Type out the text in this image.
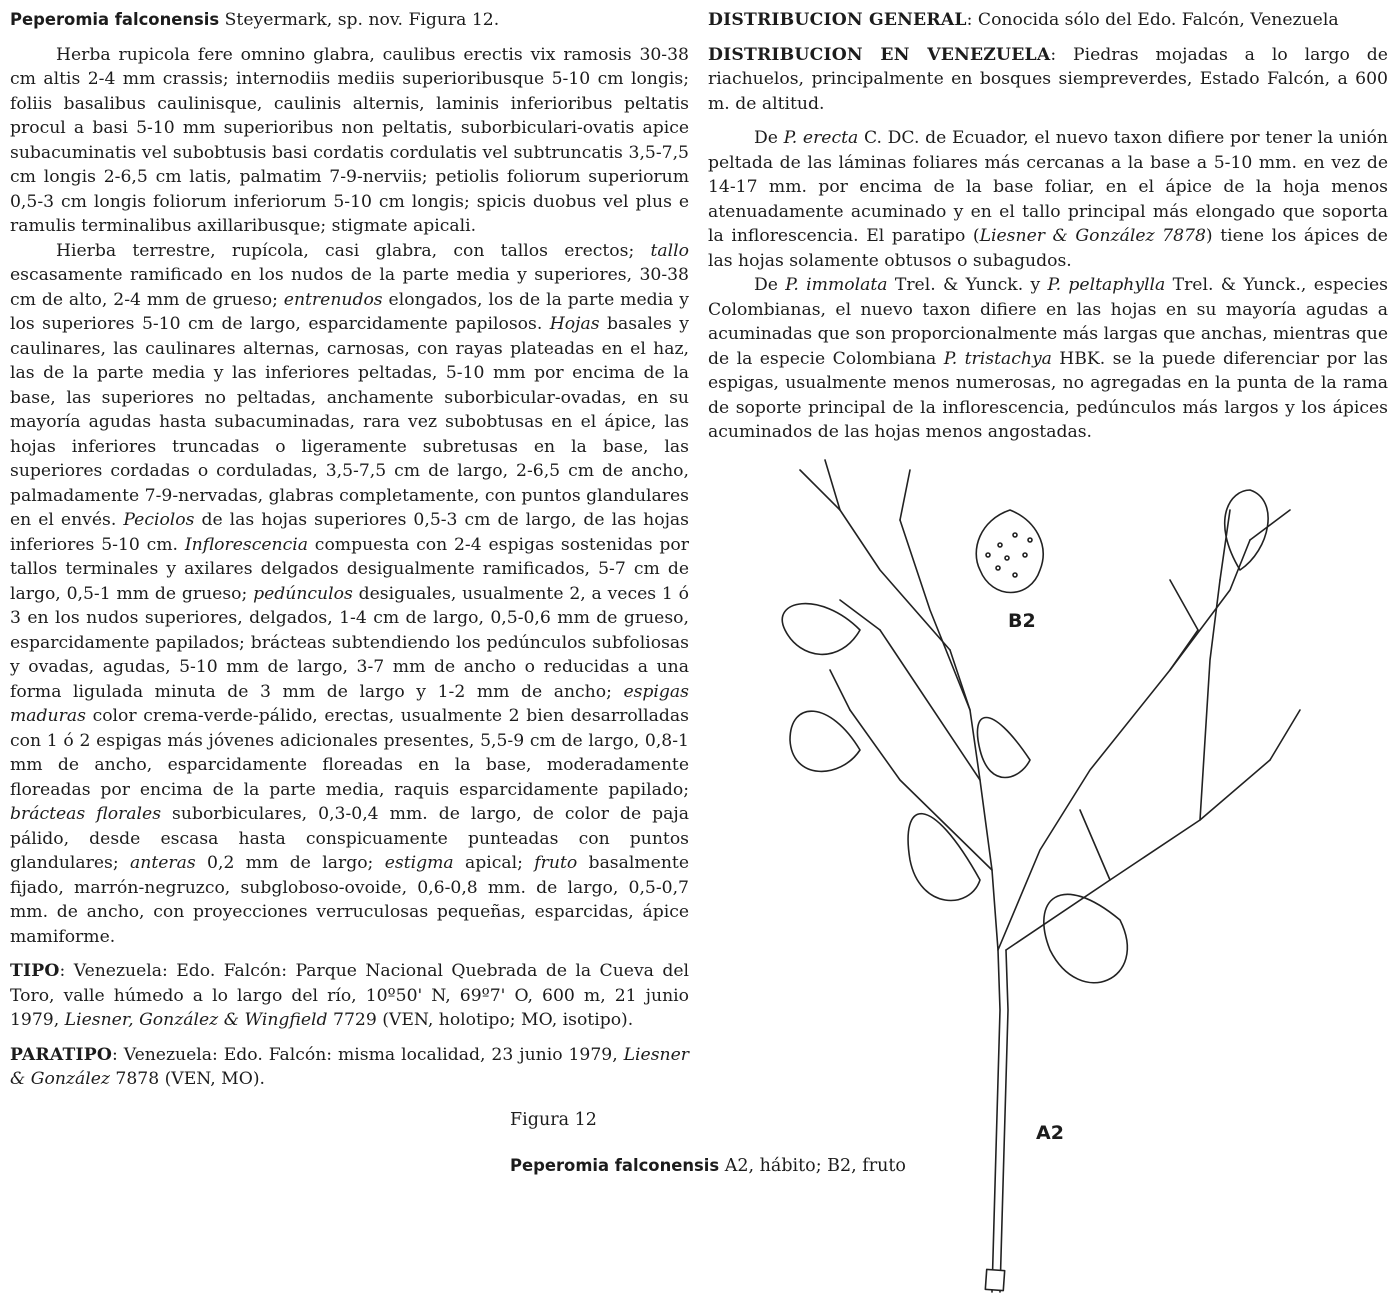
Peperomia falconensis Steyermark, sp. nov. Figura 12.

Herba rupicola fere omnino glabra, caulibus erectis vix ramosis 30-38 cm altis 2-4 mm crassis; internodiis mediis superioribusque 5-10 cm longis; foliis basalibus caulinisque, caulinis alternis, laminis inferioribus peltatis procul a basi 5-10 mm superioribus non peltatis, suborbiculari-ovatis apice subacuminatis vel subobtusis basi cordatis cordulatis vel subtruncatis 3,5-7,5 cm longis 2-6,5 cm latis, palmatim 7-9-nerviis; petiolis foliorum superiorum 0,5-3 cm longis foliorum inferiorum 5-10 cm longis; spicis duobus vel plus e ramulis terminalibus axillaribusque; stigmate apicali.

Hierba terrestre, rupícola, casi glabra, con tallos erectos; tallo escasamente ramificado en los nudos de la parte media y superiores, 30-38 cm de alto, 2-4 mm de grueso; entrenudos elongados, los de la parte media y los superiores 5-10 cm de largo, esparcidamente papilosos. Hojas basales y caulinares, las caulinares alternas, carnosas, con rayas plateadas en el haz, las de la parte media y las inferiores peltadas, 5-10 mm por encima de la base, las superiores no peltadas, anchamente suborbicular-ovadas, en su mayoría agudas hasta subacuminadas, rara vez subobtusas en el ápice, las hojas inferiores truncadas o ligeramente subretusas en la base, las superiores cordadas o corduladas, 3,5-7,5 cm de largo, 2-6,5 cm de ancho, palmadamente 7-9-nervadas, glabras completamente, con puntos glandulares en el envés. Peciolos de las hojas superiores 0,5-3 cm de largo, de las hojas inferiores 5-10 cm. Inflorescencia compuesta con 2-4 espigas sostenidas por tallos terminales y axilares delgados desigualmente ramificados, 5-7 cm de largo, 0,5-1 mm de grueso; pedúnculos desiguales, usualmente 2, a veces 1 ó 3 en los nudos superiores, delgados, 1-4 cm de largo, 0,5-0,6 mm de grueso, esparcidamente papilados; brácteas subtendiendo los pedúnculos subfoliosas y ovadas, agudas, 5-10 mm de largo, 3-7 mm de ancho o reducidas a una forma ligulada minuta de 3 mm de largo y 1-2 mm de ancho; espigas maduras color crema-verde-pálido, erectas, usualmente 2 bien desarrolladas con 1 ó 2 espigas más jóvenes adicionales presentes, 5,5-9 cm de largo, 0,8-1 mm de ancho, esparcidamente floreadas en la base, moderadamente floreadas por encima de la parte media, raquis esparcidamente papilado; brácteas florales suborbiculares, 0,3-0,4 mm. de largo, de color de paja pálido, desde escasa hasta conspicuamente punteadas con puntos glandulares; anteras 0,2 mm de largo; estigma apical; fruto basalmente fijado, marrón-negruzco, subgloboso-ovoide, 0,6-0,8 mm. de largo, 0,5-0,7 mm. de ancho, con proyecciones verruculosas pequeñas, esparcidas, ápice mamiforme.

TIPO: Venezuela: Edo. Falcón: Parque Nacional Quebrada de la Cueva del Toro, valle húmedo a lo largo del río, 10º50' N, 69º7' O, 600 m, 21 junio 1979, Liesner, González & Wingfield 7729 (VEN, holotipo; MO, isotipo).

PARATIPO: Venezuela: Edo. Falcón: misma localidad, 23 junio 1979, Liesner & González 7878 (VEN, MO).

DISTRIBUCION GENERAL: Conocida sólo del Edo. Falcón, Venezuela

DISTRIBUCION EN VENEZUELA: Piedras mojadas a lo largo de riachuelos, principalmente en bosques siempreverdes, Estado Falcón, a 600 m. de altitud.

De P. erecta C. DC. de Ecuador, el nuevo taxon difiere por tener la unión peltada de las láminas foliares más cercanas a la base a 5-10 mm. en vez de 14-17 mm. por encima de la base foliar, en el ápice de la hoja menos atenuadamente acuminado y en el tallo principal más elongado que soporta la inflorescencia. El paratipo (Liesner & González 7878) tiene los ápices de las hojas solamente obtusos o subagudos.

De P. immolata Trel. & Yunck. y P. peltaphylla Trel. & Yunck., especies Colombianas, el nuevo taxon difiere en las hojas en su mayoría agudas a acuminadas que son proporcionalmente más largas que anchas, mientras que de la especie Colombiana P. tristachya HBK. se la puede diferenciar por las espigas, usualmente menos numerosas, no agregadas en la punta de la rama de soporte principal de la inflorescencia, pedúnculos más largos y los ápices acuminados de las hojas menos angostadas.

Figura 12
Peperomia falconensis A2, hábito; B2, fruto
B2
A2
